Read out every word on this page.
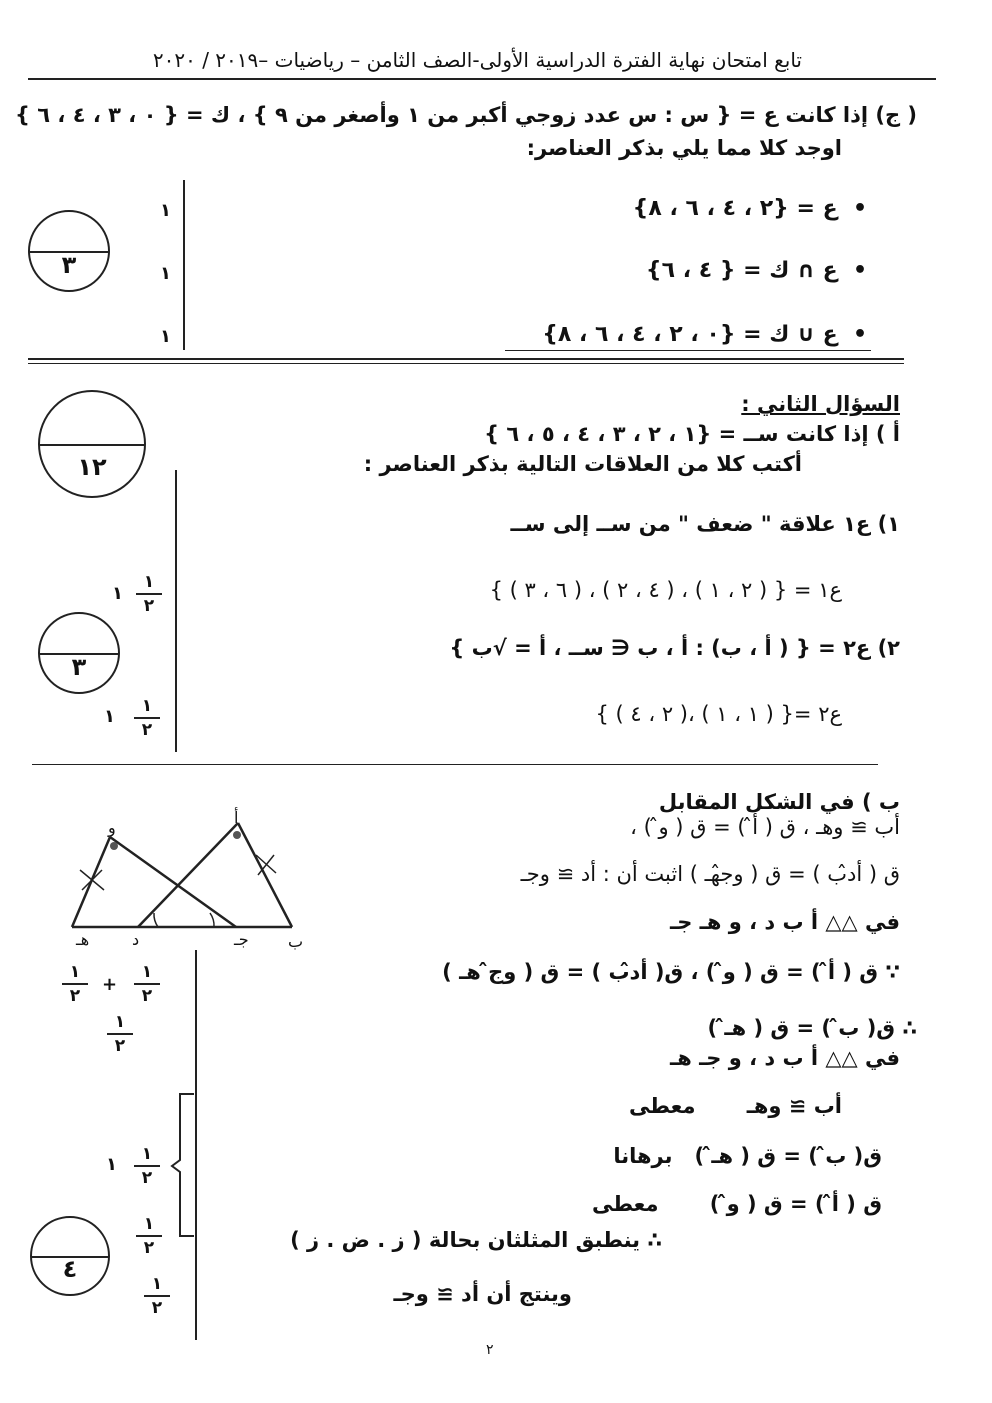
تابع امتحان نهاية الفترة الدراسية الأولى-الصف الثامن – رياضيات –٢٠١٩ / ٢٠٢٠
( ج) إذا كانت ع = { س : س عدد زوجي أكبر من ١ وأصغر من ٩ } ، ك = { ٠ ، ٣ ، ٤ ، ٦ }
اوجد كلا مما يلي بذكر العناصر:
•  ع = {٢ ، ٤ ، ٦ ، ٨}
•  ع ∩ ك = { ٤ ، ٦}
•  ع ∪ ك = {٠ ، ٢ ، ٤ ، ٦ ، ٨}
١
١
١
٣
السؤال الثاني :
١٢
أ ) إذا كانت ســ = {١ ، ٢ ، ٣ ، ٤ ، ٥ ، ٦ }
أكتب كلا من العلاقات التالية بذكر العناصر :
١) ع١ علاقة " ضعف " من ســ إلى ســ
ع١ = { ( ٢ ، ١ ) ، ( ٤ ، ٢ ) ، ( ٦ ، ٣ ) }
٢) ع٢ = { ( أ ، ب) : أ ، ب ∈ ســ ، أ = √ب }
ع٢ ={ ( ١ ، ١ ) ،( ٢ ، ٤ ) }
١
١
٢
١	١
٢
٣
ب ) في الشكل المقابل
أ
و
هـ	د	جـ ب
أب ≅ وهـ ، ق ( أ̂ ) = ق ( و̂ ) ،
ق ( أد̂ب ) = ق ( وج̂هـ ) اثبت أن : أد ≅ وجـ
في △△ أ ب د ، و هـ جـ
∵ ق ( أ̂ ) = ق ( و̂ ) ، ق( أد̂ب ) = ق ( وج̂ هـ )
∴ ق( ب̂ ) = ق ( هـ̂ )
في △△ أ ب د ، و جـ هـ
أب ≅ وهـ       معطى
ق( ب̂ ) = ق ( هـ̂ )   برهانا
ق ( أ̂ ) = ق ( و̂ )       معطى
∴ ينطبق المثلثان بحالة ( ز . ض . ز )
وينتج أن أد ≅ وجـ
١
٢
+
١
٢
١
٢
١	١
٢
١
٢
١
٢
٤
٢
